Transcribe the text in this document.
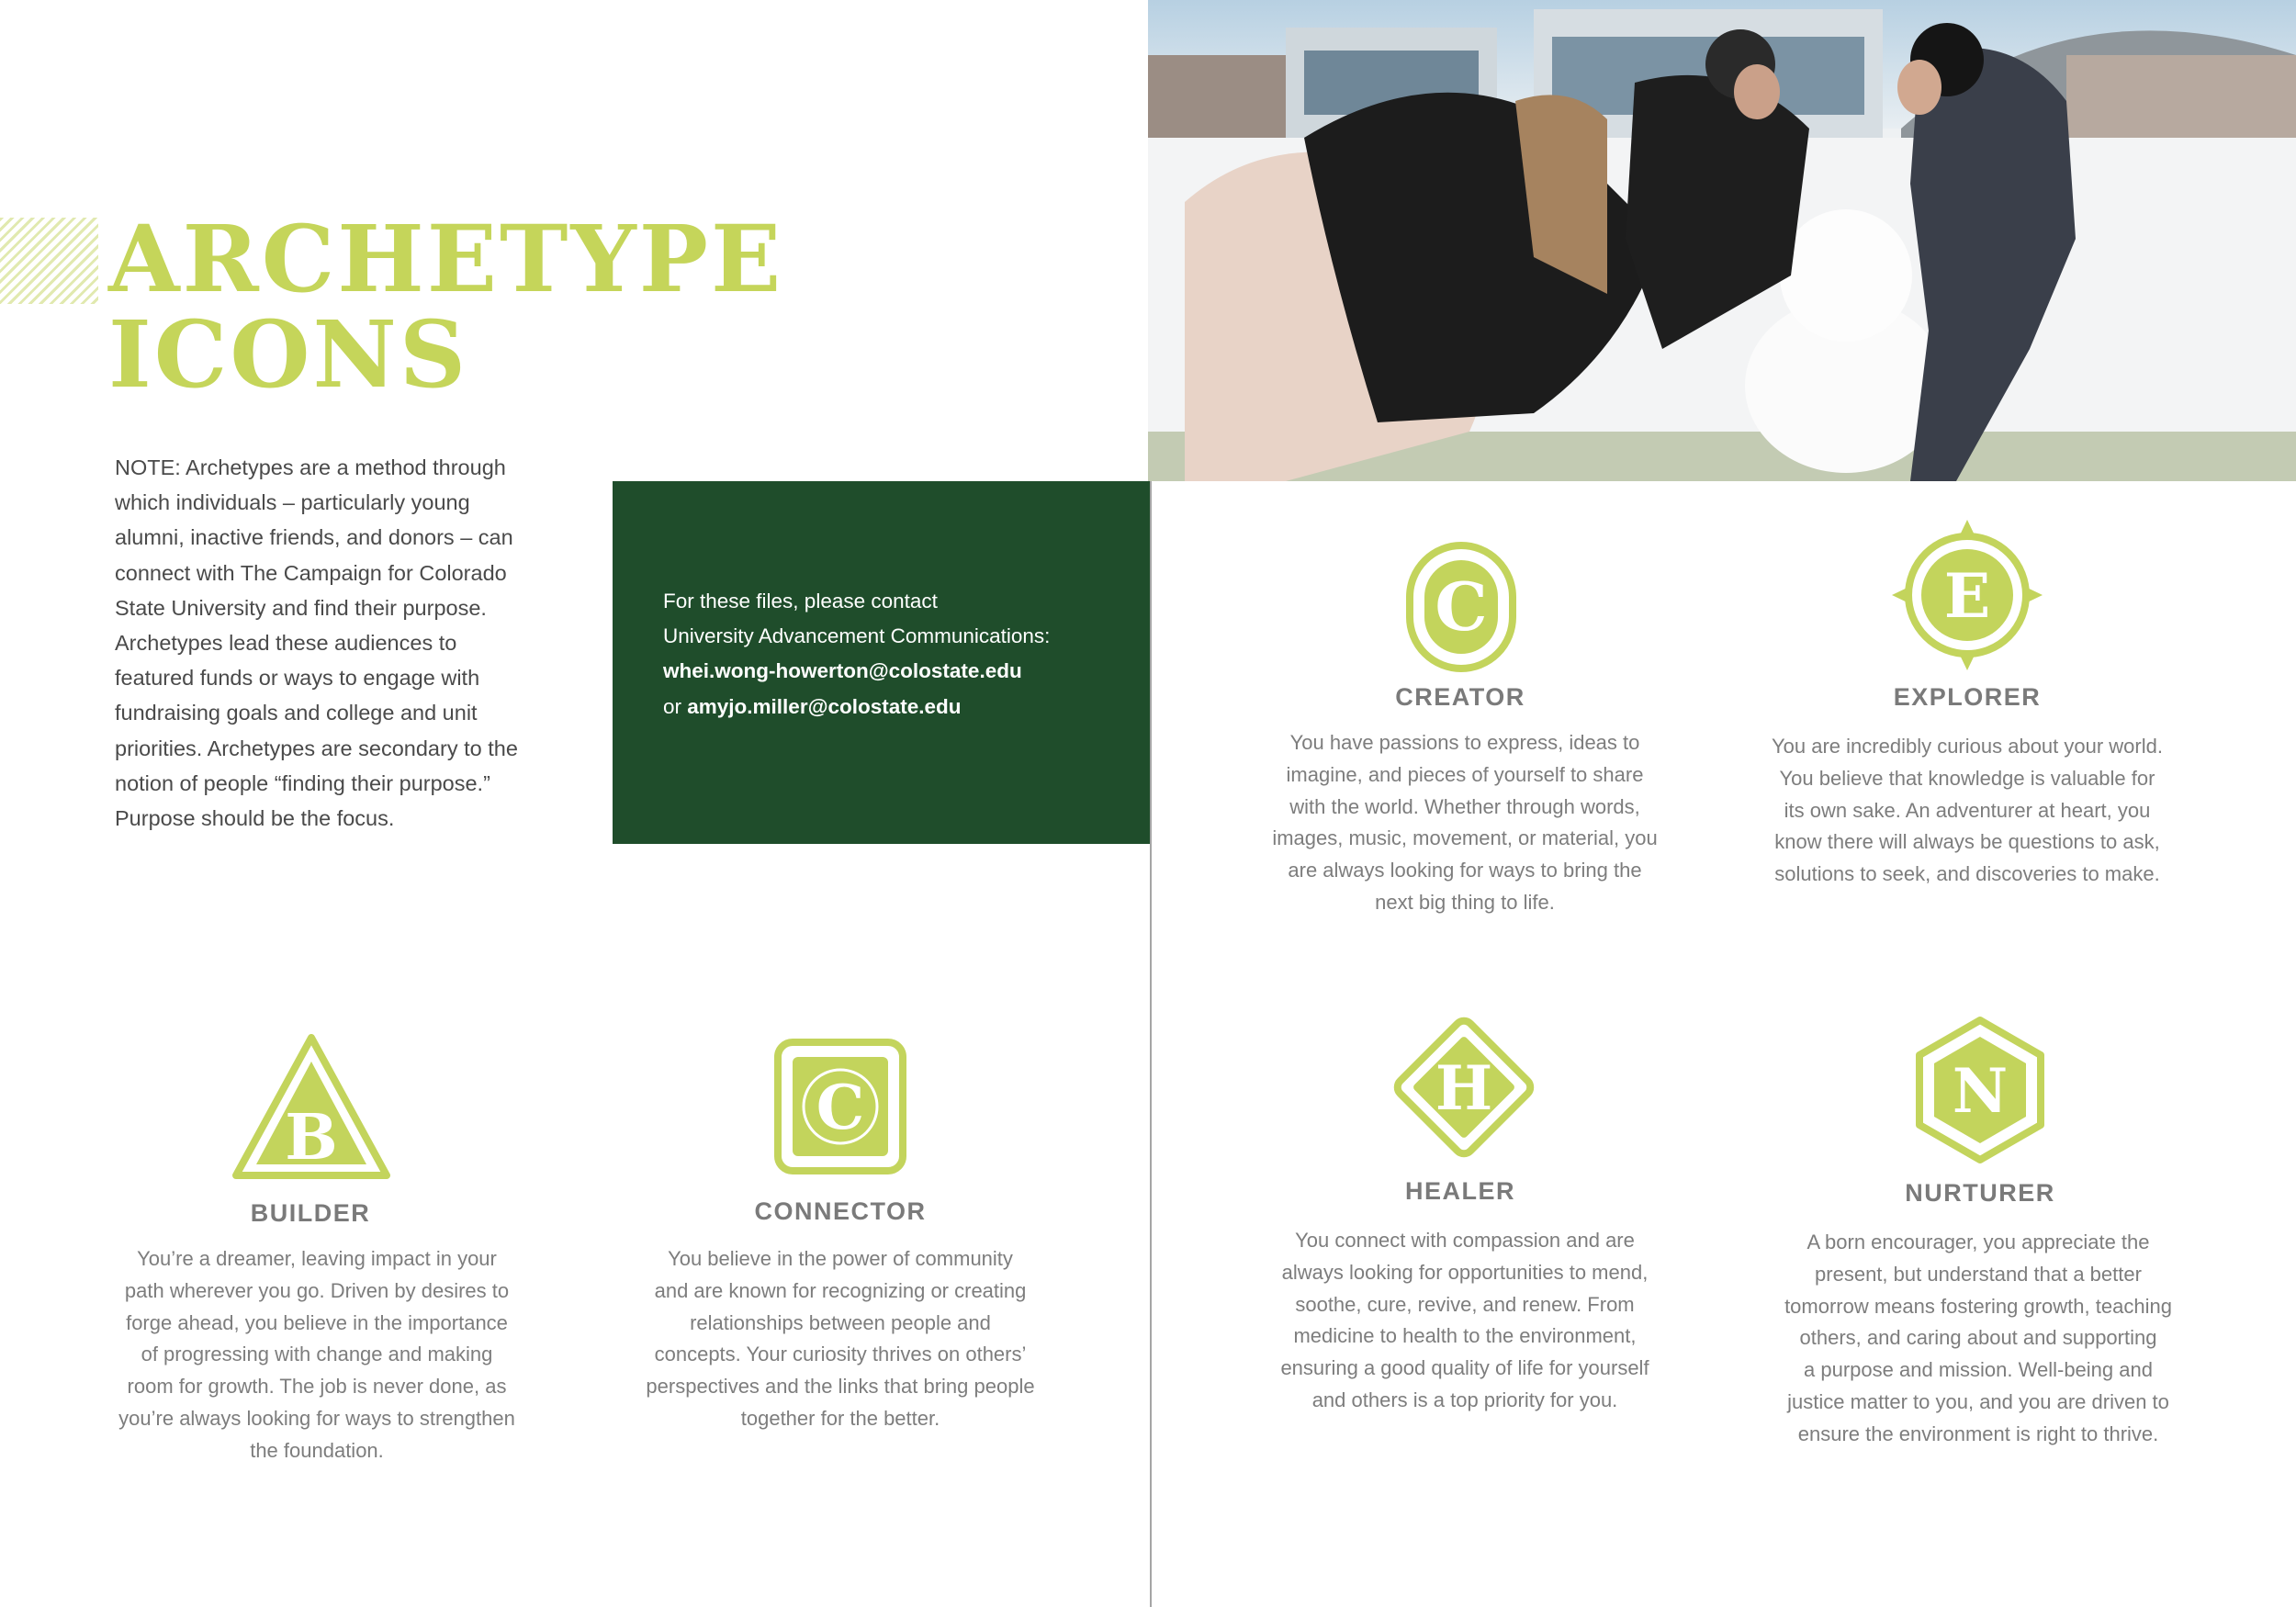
ARCHETYPE
ICONS

NOTE: Archetypes are a method through
which individuals – particularly young
alumni, inactive friends, and donors – can
connect with The Campaign for Colorado
State University and find their purpose.
Archetypes lead these audiences to
featured funds or ways to engage with
fundraising goals and college and unit
priorities. Archetypes are secondary to the
notion of people “finding their purpose.”
Purpose should be the focus.

For these files, please contact
University Advancement Communications:
whei.wong-howerton@colostate.edu
or amyjo.miller@colostate.edu
C

CREATOR

You have passions to express, ideas to
imagine, and pieces of yourself to share
with the world. Whether through words,
images, music, movement, or material, you
are always looking for ways to bring the
next big thing to life.

E

EXPLORER

You are incredibly curious about your world.
You believe that knowledge is valuable for
its own sake. An adventurer at heart, you
know there will always be questions to ask,
solutions to seek, and discoveries to make.

B

BUILDER

You’re a dreamer, leaving impact in your
path wherever you go. Driven by desires to
forge ahead, you believe in the importance
of progressing with change and making
room for growth. The job is never done, as
you’re always looking for ways to strengthen
the foundation.

C

CONNECTOR

You believe in the power of community
and are known for recognizing or creating
relationships between people and
concepts. Your curiosity thrives on others’
perspectives and the links that bring people
together for the better.

H

HEALER

You connect with compassion and are
always looking for opportunities to mend,
soothe, cure, revive, and renew. From
medicine to health to the environment,
ensuring a good quality of life for yourself
and others is a top priority for you.

N

NURTURER

A born encourager, you appreciate the
present, but understand that a better
tomorrow means fostering growth, teaching
others, and caring about and supporting
a purpose and mission. Well-being and
justice matter to you, and you are driven to
ensure the environment is right to thrive.
